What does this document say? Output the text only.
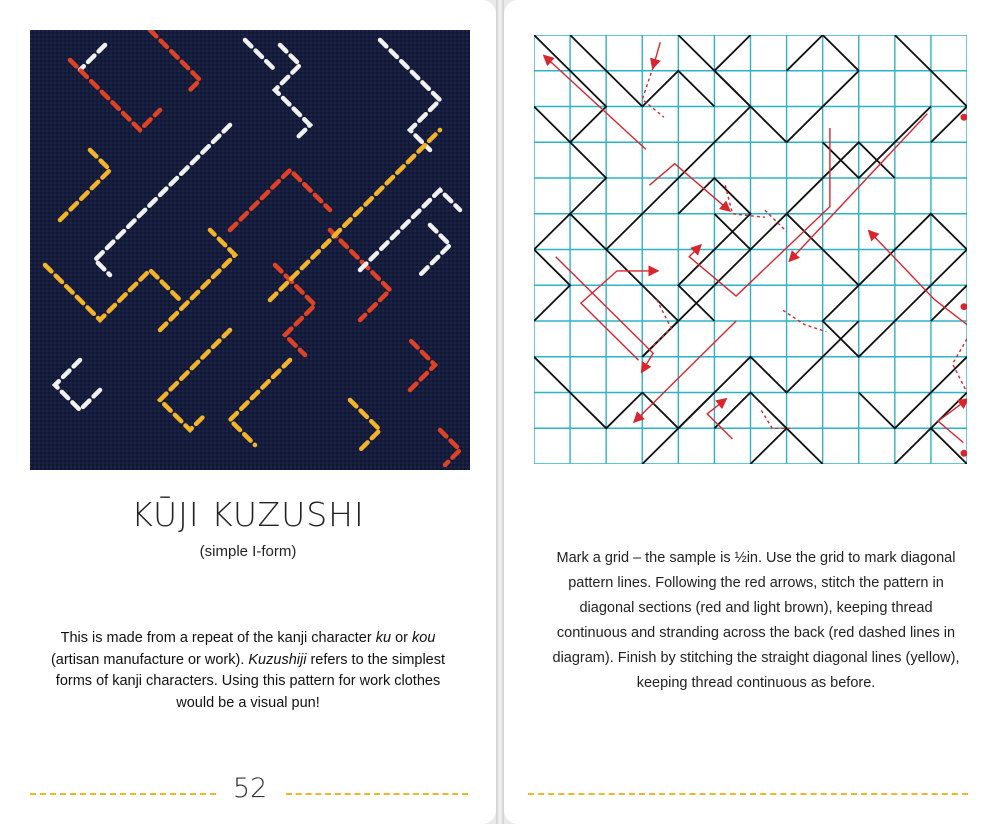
KŪJI KUZUSHI
(simple I-form)
This is made from a repeat of the kanji character ku or kou (artisan manufacture or work). Kuzushiji refers to the simplest forms of kanji characters. Using this pattern for work clothes would be a visual pun!
52
Mark a grid – the sample is ½in. Use the grid to mark diagonal pattern lines. Following the red arrows, stitch the pattern in diagonal sections (red and light brown), keeping thread continuous and stranding across the back (red dashed lines in diagram). Finish by stitching the straight diagonal lines (yellow), keeping thread continuous as before.
